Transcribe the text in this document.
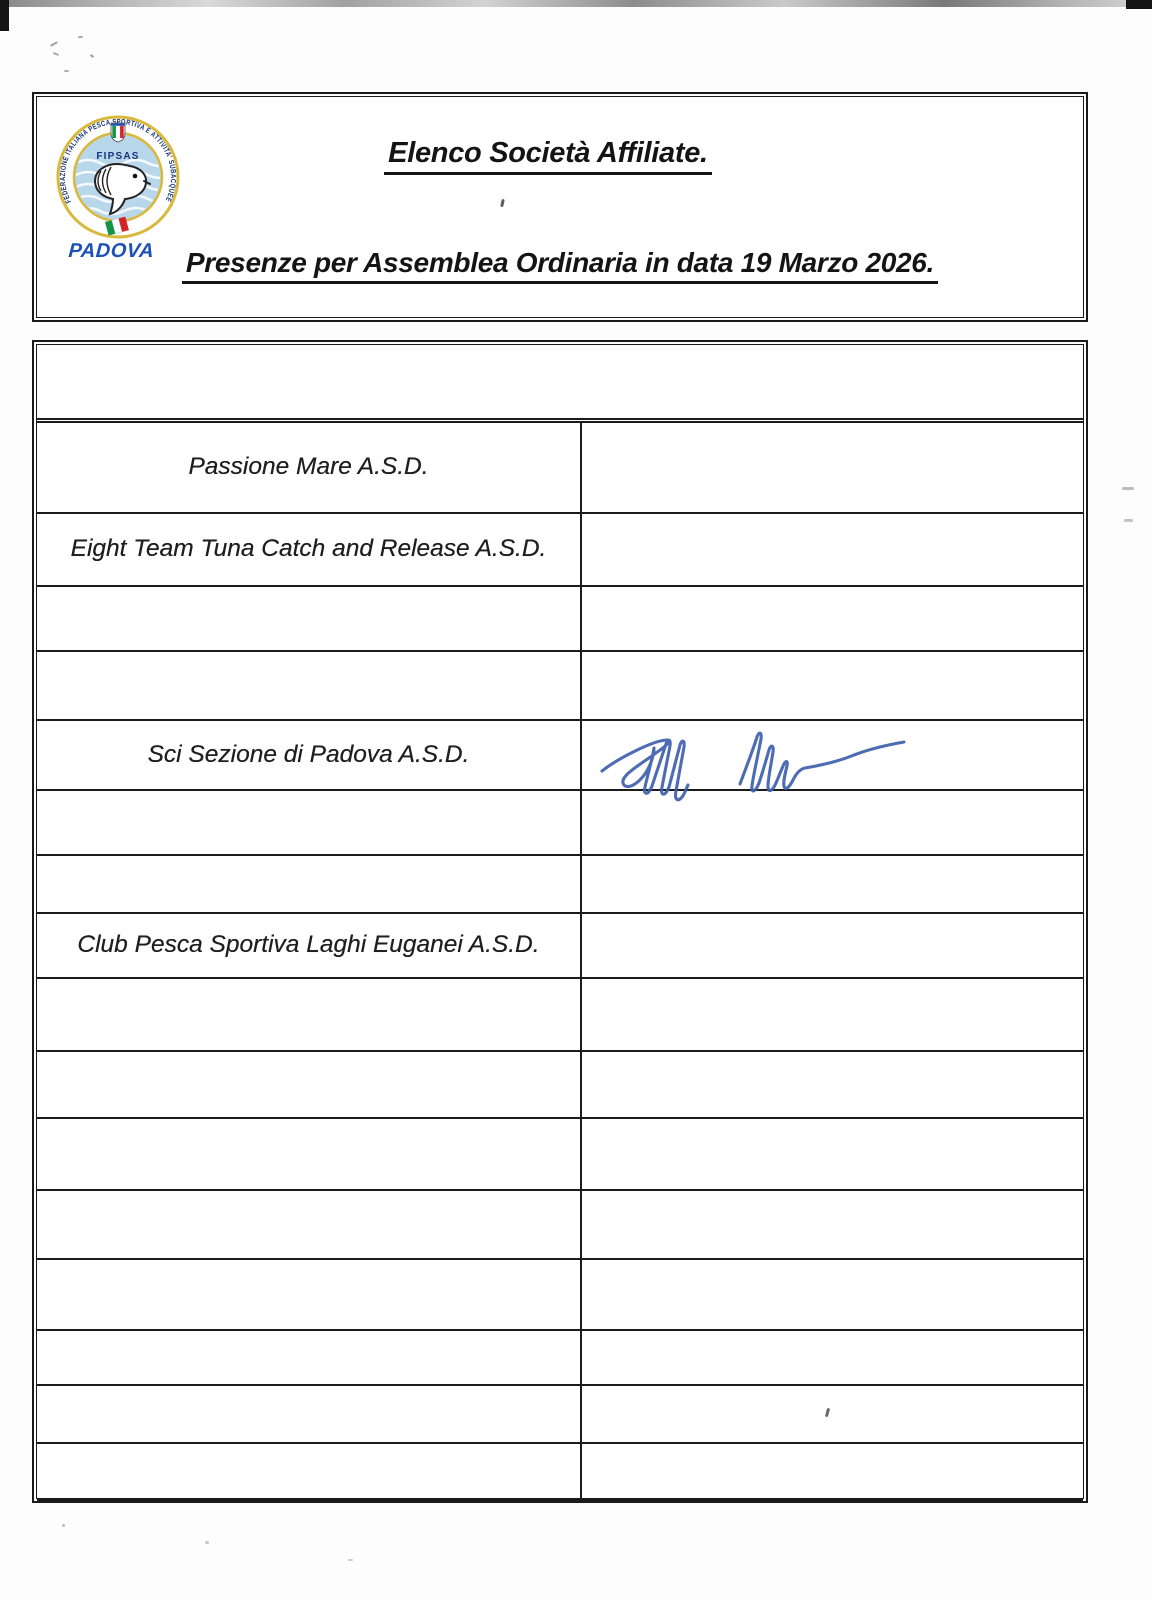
FEDERAZIONE ITALIANA PESCA SPORTIVA E ATTIVITA' SUBACQUEE
FIPSAS
PADOVA
Elenco Società Affiliate.
Presenze per Assemblea Ordinaria in data 19 Marzo 2026.
Passione Mare A.S.D.
Eight Team Tuna Catch and Release A.S.D.
Sci Sezione di Padova A.S.D.
Club Pesca Sportiva Laghi Euganei A.S.D.
